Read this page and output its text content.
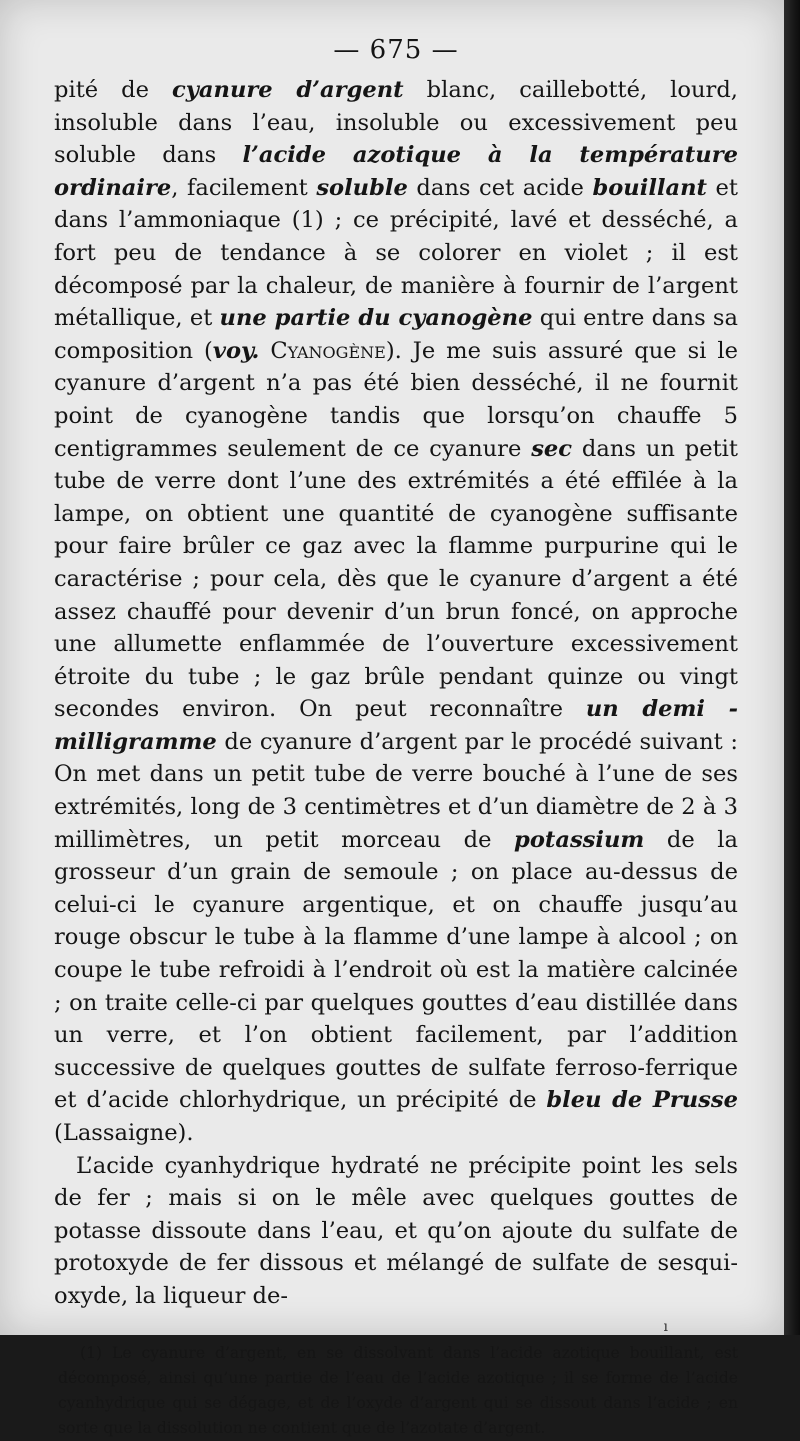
— 675 —

pité de cyanure d’argent blanc, caillebotté, lourd, insoluble dans l’eau, insoluble ou excessivement peu soluble dans l’acide azotique à la température ordinaire, facilement soluble dans cet acide bouillant et dans l’ammoniaque (1) ; ce précipité, lavé et desséché, a fort peu de tendance à se colorer en violet ; il est décomposé par la chaleur, de manière à fournir de l’argent métallique, et une partie du cyanogène qui entre dans sa composition (voy. Cyanogène). Je me suis assuré que si le cyanure d’argent n’a pas été bien desséché, il ne fournit point de cyanogène tandis que lorsqu’on chauffe 5 centigrammes seulement de ce cyanure sec dans un petit tube de verre dont l’une des extrémités a été effilée à la lampe, on obtient une quantité de cyanogène suffisante pour faire brûler ce gaz avec la flamme purpurine qui le caractérise ; pour cela, dès que le cyanure d’argent a été assez chauffé pour devenir d’un brun foncé, on approche une allumette enflammée de l’ouverture excessivement étroite du tube ; le gaz brûle pendant quinze ou vingt secondes environ. On peut reconnaître un demi - milligramme de cyanure d’argent par le procédé suivant : On met dans un petit tube de verre bouché à l’une de ses extrémités, long de 3 centimètres et d’un diamètre de 2 à 3 millimètres, un petit morceau de potassium de la grosseur d’un grain de semoule ; on place au-dessus de celui-ci le cyanure argentique, et on chauffe jusqu’au rouge obscur le tube à la flamme d’une lampe à alcool ; on coupe le tube refroidi à l’endroit où est la matière calcinée ; on traite celle-ci par quelques gouttes d’eau distillée dans un verre, et l’on obtient facilement, par l’addition successive de quelques gouttes de sulfate ferroso-ferrique et d’acide chlorhydrique, un précipité de bleu de Prusse (Lassaigne).

L’acide cyanhydrique hydraté ne précipite point les sels de fer ; mais si on le mêle avec quelques gouttes de potasse dissoute dans l’eau, et qu’on ajoute du sulfate de protoxyde de fer dissous et mélangé de sulfate de sesqui-oxyde, la liqueur de-

ı

(1) Le cyanure d’argent, en se dissolvant dans l’acide azotique bouillant, est décomposé, ainsi qu’une partie de l’eau de l’acide azotique ; il se forme de l’acide cyanhydrique qui se dégage, et de l’oxyde d’argent qui se dissout dans l’acide ; en sorte que la dissolution ne contient que de l’azotate d’argent.
